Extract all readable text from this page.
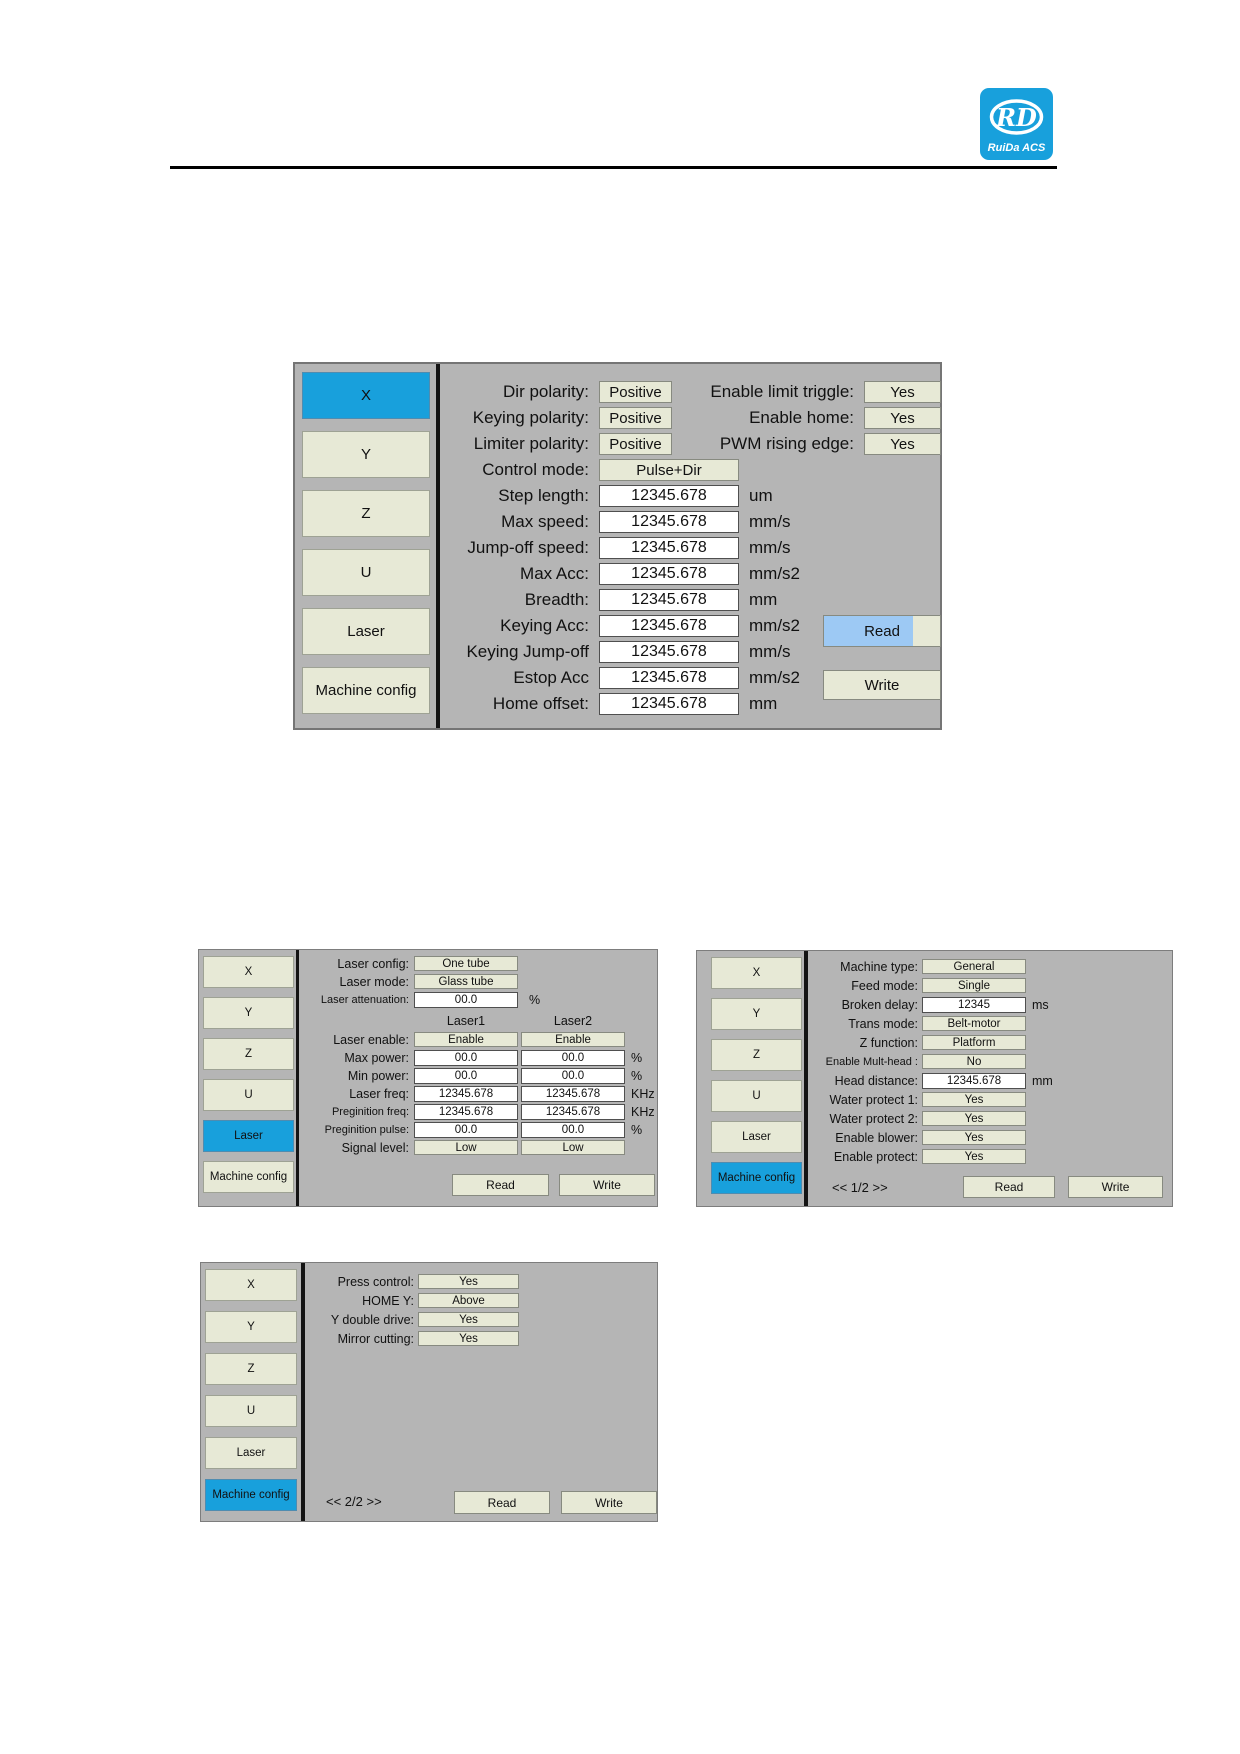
RD
RuiDa ACS
X
Y
Z
U
Laser
Machine config
Dir polarity: Positive
Keying polarity: Positive
Limiter polarity: Positive
Control mode:	Pulse+Dir
Step length:	12345.678	um
Max speed:	12345.678	mm/s
Jump-off speed:	12345.678	mm/s
Max Acc:	12345.678	mm/s2
Breadth:	12345.678	mm
Keying Acc:	12345.678	mm/s2
Keying Jump-off	12345.678	mm/s
Estop Acc	12345.678	mm/s2
Home offset:	12345.678	mm
Enable limit triggle: Yes
Enable home: Yes
PWM rising edge: Yes
Read
Write
X
Y
Z
U
Laser
Machine config
Laser config:	One tube
Laser mode:	Glass tube
Laser attenuation:	00.0	%
Laser1	Laser2
Laser enable:	Enable	Enable
Max power:	00.0	00.0	%
Min power:	00.0	00.0	%
Laser freq:	12345.678	12345.678	KHz
Preginition freq:	12345.678	12345.678	KHz
Preginition pulse:	00.0	00.0	%
Signal level:	Low	Low
Read	Write
X
Y
Z
U
Laser
Machine config
Machine type:	General
Feed mode:	Single
Broken delay:	12345	ms
Trans mode:	Belt-motor
Z function:	Platform
Enable Mult-head :	No
Head distance:	12345.678	mm
Water protect 1:	Yes
Water protect 2:	Yes
Enable blower:	Yes
Enable protect:	Yes
<< 1/2 >>	Read	Write
X
Y
Z
U
Laser
Machine config
Press control:	Yes
HOME Y:	Above
Y double drive:	Yes
Mirror cutting:	Yes
<< 2/2 >>	Read	Write
